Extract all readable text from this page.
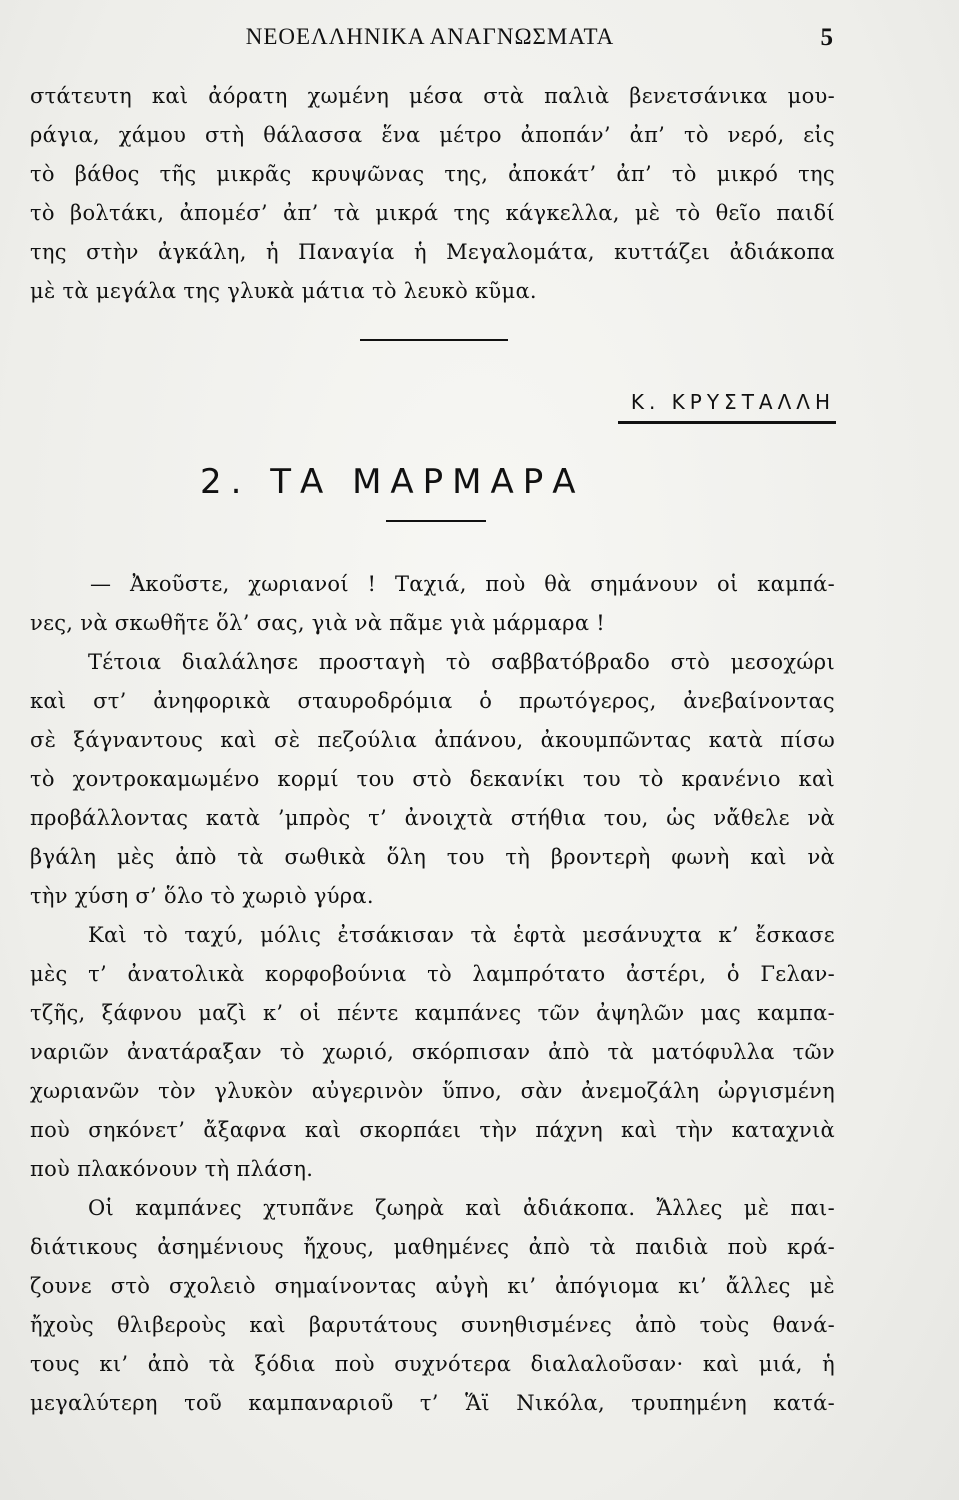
ΝΕΟΕΛΛΗΝΙΚΑ ΑΝΑΓΝΩΣΜΑΤΑ	5
στάτευτη καὶ ἀόρατη χωμένη μέσα στὰ παλιὰ βενετσάνικα μου-
ράγια, χάμου στὴ θάλασσα ἕνα μέτρο ἀποπάν’ ἀπ’ τὸ νερό, εἰς
τὸ βάθος τῆς μικρᾶς κρυψῶνας της, ἀποκάτ’ ἀπ’ τὸ μικρό της
τὸ βολτάκι, ἀπομέσ’ ἀπ’ τὰ μικρά της κάγκελλα, μὲ τὸ θεῖο παιδί
της στὴν ἀγκάλη, ἡ Παναγία ἡ Μεγαλομάτα, κυττάζει ἀδιάκοπα
μὲ τὰ μεγάλα της γλυκὰ μάτια τὸ λευκὸ κῦμα.
Κ. ΚΡΥΣΤΑΛΛΗ
2. ΤΑ ΜΑΡΜΑΡΑ
— Ἀκοῦστε, χωριανοί ! Ταχιά, ποὺ θὰ σημάνουν οἱ καμπά-
νες, νὰ σκωθῆτε ὅλ’ σας, γιὰ νὰ πᾶμε γιὰ μάρμαρα !
Τέτοια διαλάλησε προσταγὴ τὸ σαββατόβραδο στὸ μεσοχώρι
καὶ στ’ ἀνηφορικὰ σταυροδρόμια ὁ πρωτόγερος, ἀνεβαίνοντας
σὲ ξάγναντους καὶ σὲ πεζούλια ἀπάνου, ἀκουμπῶντας κατὰ πίσω
τὸ χοντροκαμωμένο κορμί του στὸ δεκανίκι του τὸ κρανένιο καὶ
προβάλλοντας κατὰ ’μπρὸς τ’ ἀνοιχτὰ στήθια του, ὡς νἄθελε νὰ
βγάλη μὲς ἀπὸ τὰ σωθικὰ ὅλη του τὴ βροντερὴ φωνὴ καὶ νὰ
τὴν χύση σ’ ὅλο τὸ χωριὸ γύρα.
Καὶ τὸ ταχύ, μόλις ἐτσάκισαν τὰ ἑφτὰ μεσάνυχτα κ’ ἔσκασε
μὲς τ’ ἀνατολικὰ κορφοβούνια τὸ λαμπρότατο ἀστέρι, ὁ Γελαν-
τζῆς, ξάφνου μαζὶ κ’ οἱ πέντε καμπάνες τῶν ἀψηλῶν μας καμπα-
ναριῶν ἀνατάραξαν τὸ χωριό, σκόρπισαν ἀπὸ τὰ ματόφυλλα τῶν
χωριανῶν τὸν γλυκὸν αὐγερινὸν ὕπνο, σὰν ἀνεμοζάλη ὠργισμένη
ποὺ σηκόνετ’ ἄξαφνα καὶ σκορπάει τὴν πάχνη καὶ τὴν καταχνιὰ
ποὺ πλακόνουν τὴ πλάση.
Οἱ καμπάνες χτυπᾶνε ζωηρὰ καὶ ἀδιάκοπα. Ἄλλες μὲ παι-
διάτικους ἀσημένιους ἤχους, μαθημένες ἀπὸ τὰ παιδιὰ ποὺ κρά-
ζουνε στὸ σχολειὸ σημαίνοντας αὐγὴ κι’ ἀπόγιομα κι’ ἄλλες μὲ
ἤχοὺς θλιβεροὺς καὶ βαρυτάτους συνηθισμένες ἀπὸ τοὺς θανά-
τους κι’ ἀπὸ τὰ ξόδια ποὺ συχνότερα διαλαλοῦσαν· καὶ μιά, ἡ
μεγαλύτερη τοῦ καμπαναριοῦ τ’ Ἅϊ Νικόλα, τρυπημένη κατά-
